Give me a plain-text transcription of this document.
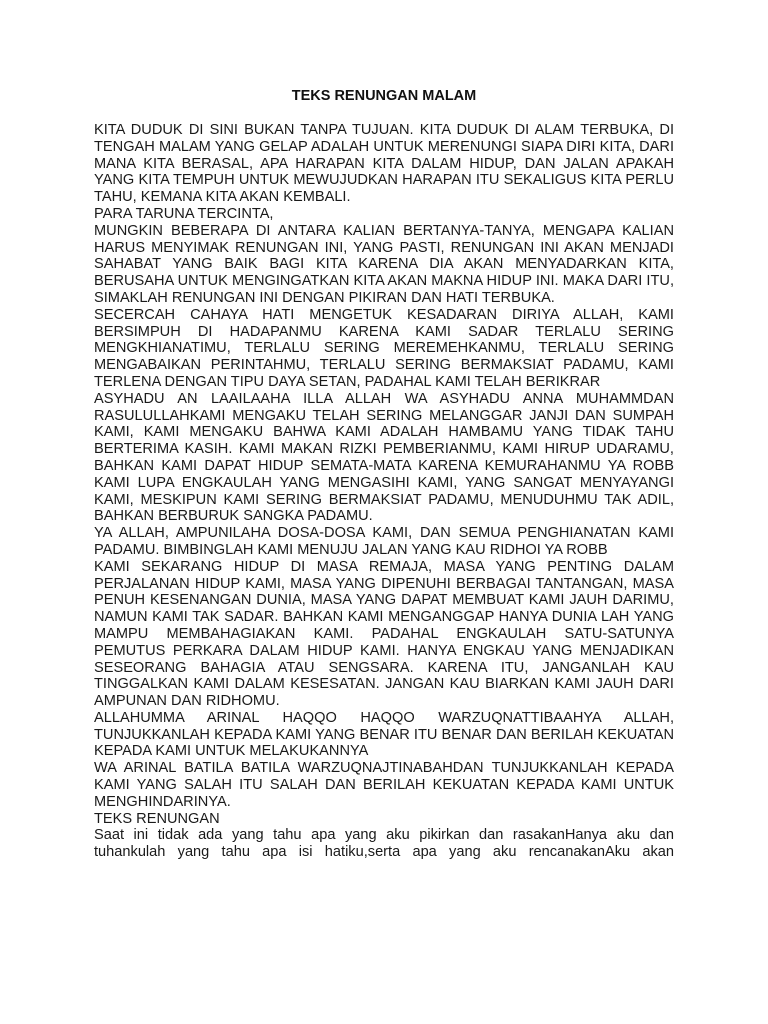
TEKS RENUNGAN MALAM

KITA DUDUK DI SINI BUKAN TANPA TUJUAN. KITA DUDUK DI ALAM TERBUKA, DI TENGAH MALAM YANG GELAP ADALAH UNTUK MERENUNGI SIAPA DIRI KITA, DARI MANA KITA BERASAL, APA HARAPAN KITA DALAM HIDUP, DAN JALAN APAKAH YANG KITA TEMPUH UNTUK MEWUJUDKAN HARAPAN ITU SEKALIGUS KITA PERLU TAHU, KEMANA KITA AKAN KEMBALI.

PARA TARUNA TERCINTA,

MUNGKIN BEBERAPA DI ANTARA KALIAN BERTANYA-TANYA, MENGAPA KALIAN HARUS MENYIMAK RENUNGAN INI, YANG PASTI, RENUNGAN INI AKAN MENJADI SAHABAT YANG BAIK BAGI KITA KARENA DIA AKAN MENYADARKAN KITA, BERUSAHA UNTUK MENGINGATKAN KITA AKAN MAKNA HIDUP INI. MAKA DARI ITU, SIMAKLAH RENUNGAN INI DENGAN PIKIRAN DAN HATI TERBUKA.

SECERCAH CAHAYA HATI MENGETUK KESADARAN DIRIYA ALLAH, KAMI BERSIMPUH DI HADAPANMU KARENA KAMI SADAR TERLALU SERING MENGKHIANATIMU, TERLALU SERING MEREMEHKANMU, TERLALU SERING MENGABAIKAN PERINTAHMU, TERLALU SERING BERMAKSIAT PADAMU, KAMI TERLENA DENGAN TIPU DAYA SETAN, PADAHAL KAMI TELAH BERIKRAR

ASYHADU AN LAAILAAHA ILLA ALLAH WA ASYHADU ANNA MUHAMMDAN RASULULLAHKAMI MENGAKU TELAH SERING MELANGGAR JANJI DAN SUMPAH KAMI, KAMI MENGAKU BAHWA KAMI ADALAH HAMBAMU YANG TIDAK TAHU BERTERIMA KASIH. KAMI MAKAN RIZKI PEMBERIANMU, KAMI HIRUP UDARAMU, BAHKAN KAMI DAPAT HIDUP SEMATA-MATA KARENA KEMURAHANMU YA ROBB KAMI LUPA ENGKAULAH YANG MENGASIHI KAMI, YANG SANGAT MENYAYANGI KAMI, MESKIPUN KAMI SERING BERMAKSIAT PADAMU, MENUDUHMU TAK ADIL, BAHKAN BERBURUK SANGKA PADAMU.

YA ALLAH, AMPUNILAHA DOSA-DOSA KAMI, DAN SEMUA PENGHIANATAN KAMI PADAMU. BIMBINGLAH KAMI MENUJU JALAN YANG KAU RIDHOI YA ROBB

KAMI SEKARANG HIDUP DI MASA REMAJA, MASA YANG PENTING DALAM PERJALANAN HIDUP KAMI, MASA YANG DIPENUHI BERBAGAI TANTANGAN, MASA PENUH KESENANGAN DUNIA, MASA YANG DAPAT MEMBUAT KAMI JAUH DARIMU, NAMUN KAMI TAK SADAR. BAHKAN KAMI MENGANGGAP HANYA DUNIA LAH YANG MAMPU MEMBAHAGIAKAN KAMI. PADAHAL ENGKAULAH SATU-SATUNYA PEMUTUS PERKARA DALAM HIDUP KAMI. HANYA ENGKAU YANG MENJADIKAN SESEORANG BAHAGIA ATAU SENGSARA. KARENA ITU, JANGANLAH KAU TINGGALKAN KAMI DALAM KESESATAN. JANGAN KAU BIARKAN KAMI JAUH DARI AMPUNAN DAN RIDHOMU.

ALLAHUMMA ARINAL HAQQO HAQQO WARZUQNATTIBAAHYA ALLAH, TUNJUKKANLAH KEPADA KAMI YANG BENAR ITU BENAR DAN BERILAH KEKUATAN KEPADA KAMI UNTUK MELAKUKANNYA

WA ARINAL BATILA BATILA WARZUQNAJTINABAHDAN TUNJUKKANLAH KEPADA KAMI YANG SALAH ITU SALAH DAN BERILAH KEKUATAN KEPADA KAMI UNTUK MENGHINDARINYA.

TEKS RENUNGAN

Saat ini tidak ada yang tahu apa yang aku pikirkan dan rasakanHanya aku dan tuhankulah yang tahu apa isi hatiku,serta apa yang aku rencanakanAku akan
